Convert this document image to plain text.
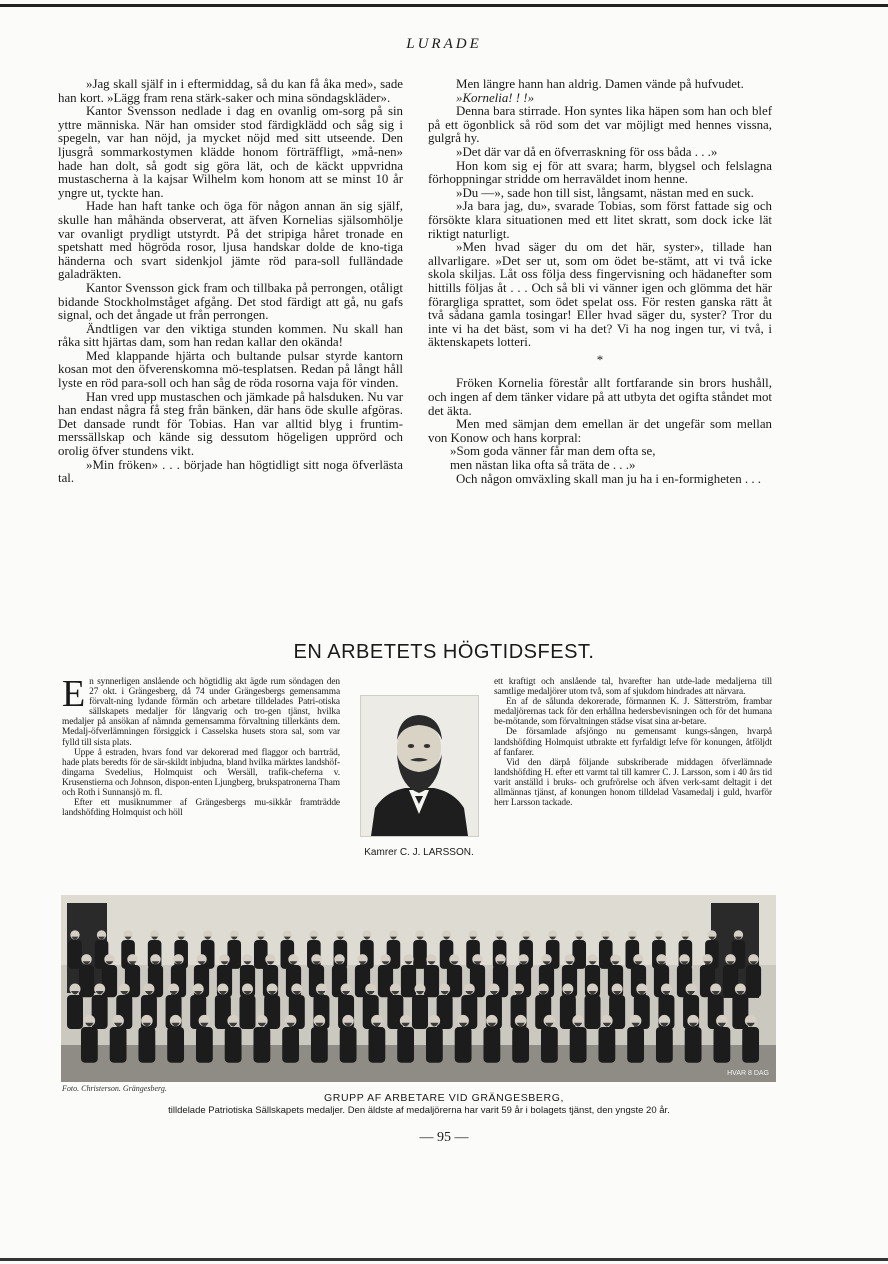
LURADE

»Jag skall själf in i eftermiddag, så du kan få åka med», sade han kort. »Lägg fram rena stärk-saker och mina söndagskläder».

Kantor Svensson nedlade i dag en ovanlig om-sorg på sin yttre människa. När han omsider stod färdigklädd och såg sig i spegeln, var han nöjd, ja mycket nöjd med sitt utseende. Den ljusgrå sommarkostymen klädde honom förträffligt, »må-nen» hade han dolt, så godt sig göra lät, och de käckt uppvridna mustascherna à la kajsar Wilhelm kom honom att se minst 10 år yngre ut, tyckte han.

Hade han haft tanke och öga för någon annan än sig själf, skulle han måhända observerat, att äfven Kornelias själsomhölje var ovanligt prydligt utstyrdt. På det stripiga håret tronade en spetshatt med högröda rosor, ljusa handskar dolde de kno-tiga händerna och svart sidenkjol jämte röd para-soll fulländade galadräkten.

Kantor Svensson gick fram och tillbaka på perrongen, otåligt bidande Stockholmståget afgång. Det stod färdigt att gå, nu gafs signal, och det ångade ut från perrongen.

Ändtligen var den viktiga stunden kommen. Nu skall han råka sitt hjärtas dam, som han redan kallar den okända!

Med klappande hjärta och bultande pulsar styrde kantorn kosan mot den öfverenskomna mö-tesplatsen. Redan på långt håll lyste en röd para-soll och han såg de röda rosorna vaja för vinden.

Han vred upp mustaschen och jämkade på halsduken. Nu var han endast några få steg från bänken, där hans öde skulle afgöras. Det dansade rundt för Tobias. Han var alltid blyg i fruntim-merssällskap och kände sig dessutom högeligen upprörd och orolig öfver stundens vikt.

»Min fröken» . . . började han högtidligt sitt noga öfverlästa tal.

Men längre hann han aldrig. Damen vände på hufvudet.

»Kornelia! ! !»

Denna bara stirrade. Hon syntes lika häpen som han och blef på ett ögonblick så röd som det var möjligt med hennes vissna, gulgrå hy.

»Det där var då en öfverraskning för oss båda . . .»

Hon kom sig ej för att svara; harm, blygsel och felslagna förhoppningar stridde om herraväldet inom henne.

»Du —», sade hon till sist, långsamt, nästan med en suck.

»Ja bara jag, du», svarade Tobias, som först fattade sig och försökte klara situationen med ett litet skratt, som dock icke lät riktigt naturligt.

»Men hvad säger du om det här, syster», tillade han allvarligare. »Det ser ut, som om ödet be-stämt, att vi två icke skola skiljas. Låt oss följa dess fingervisning och hädanefter som hittills följas åt . . . Och så bli vi vänner igen och glömma det här förargliga sprattet, som ödet spelat oss. För resten ganska rätt åt två sådana gamla tosingar! Eller hvad säger du, syster? Tror du inte vi ha det bäst, som vi ha det? Vi ha nog ingen tur, vi två, i äktenskapets lotteri.

*

Fröken Kornelia förestår allt fortfarande sin brors hushåll, och ingen af dem tänker vidare på att utbyta det ogifta ståndet mot det äkta.

Men med sämjan dem emellan är det ungefär som mellan von Konow och hans korpral:

»Som goda vänner får man dem ofta se,

men nästan lika ofta så träta de . . .»

Och någon omväxling skall man ju ha i en-formigheten . . .

EN ARBETETS HÖGTIDSFEST.
E n synnerligen anslående och högtidlig akt ägde rum söndagen den 27 okt. i Grängesberg, då 74 under Grängesbergs gemensamma förvalt-ning lydande förmän och arbetare tilldelades Patri-otiska sällskapets medaljer för långvarig och tro-gen tjänst, hvilka medaljer på ansökan af nämnda gemensamma förvaltning tillerkänts dem. Medalj-öfverlämningen försiggick i Casselska husets stora sal, som var fylld till sista plats.

Uppe å estraden, hvars fond var dekorerad med flaggor och barrträd, hade plats beredts för de sär-skildt inbjudna, bland hvilka märktes landshöf-dingarna Svedelius, Holmquist och Wersäll, trafik-cheferna v. Krusenstierna och Johnson, dispon-enten Ljungberg, brukspatronerna Tham och Roth i Sunnansjö m. fl.

Efter ett musiknummer af Grängesbergs mu-sikkår framträdde landshöfding Holmquist och höll

Kamrer C. J. LARSSON.

ett kraftigt och anslående tal, hvarefter han utde-lade medaljerna till samtlige medaljörer utom två, som af sjukdom hindrades att närvara.

En af de sålunda dekorerade, förmannen K. J. Sätterström, frambar medaljörernas tack för den erhållna hedersbevisningen och för det humana be-mötande, som förvaltningen städse visat sina ar-betare.

De församlade afsjöngo nu gemensamt kungs-sången, hvarpå landshöfding Holmquist utbrakte ett fyrfaldigt lefve för konungen, åtföljdt af fanfarer.

Vid den därpå följande subskriberade middagen öfverlämnade landshöfding H. efter ett varmt tal till kamrer C. J. Larsson, som i 40 års tid varit anställd i bruks- och grufrörelse och äfven verk-samt deltagit i det allmännas tjänst, af konungen honom tilldelad Vasamedalj i guld, hvarför herr Larsson tackade.

HVAR 8 DAG
Foto. Christerson. Grängesberg.
GRUPP AF ARBETARE VID GRÄNGESBERG,
tilldelade Patriotiska Sällskapets medaljer. Den äldste af medaljörerna har varit 59 år i bolagets tjänst, den yngste 20 år.
— 95 —
